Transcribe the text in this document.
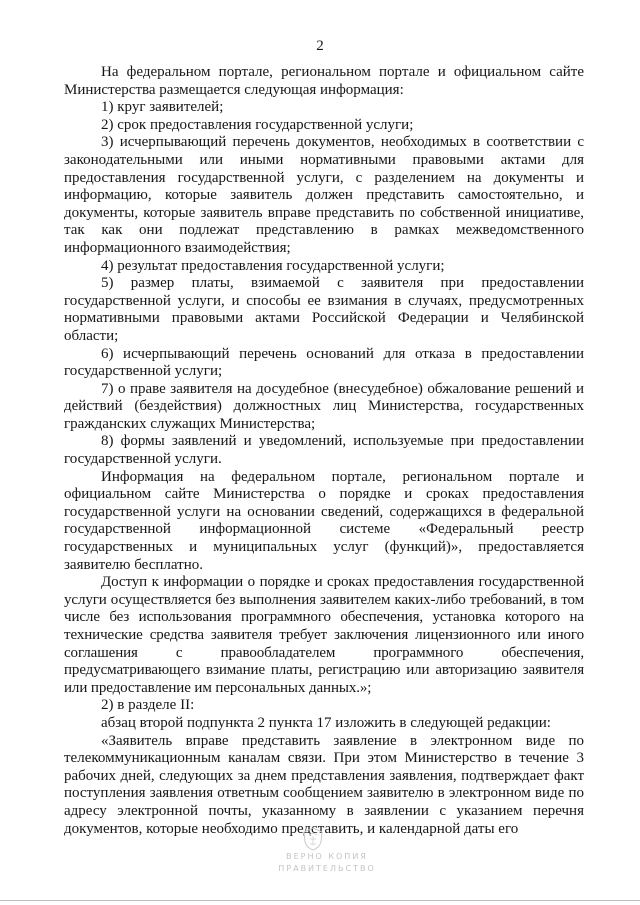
2

На федеральном портале, региональном портале и официальном сайте Министерства размещается следующая информация:

1) круг заявителей;

2) срок предоставления государственной услуги;

3) исчерпывающий перечень документов, необходимых в соответствии с законодательными или иными нормативными правовыми актами для предоставления государственной услуги, с разделением на документы и информацию, которые заявитель должен представить самостоятельно, и документы, которые заявитель вправе представить по собственной инициативе, так как они подлежат представлению в рамках межведомственного информационного взаимодействия;

4) результат предоставления государственной услуги;

5) размер платы, взимаемой с заявителя при предоставлении государственной услуги, и способы ее взимания в случаях, предусмотренных нормативными правовыми актами Российской Федерации и Челябинской области;

6) исчерпывающий перечень оснований для отказа в предоставлении государственной услуги;

7) о праве заявителя на досудебное (внесудебное) обжалование решений и действий (бездействия) должностных лиц Министерства, государственных гражданских служащих Министерства;

8) формы заявлений и уведомлений, используемые при предоставлении государственной услуги.

Информация на федеральном портале, региональном портале и официальном сайте Министерства о порядке и сроках предоставления государственной услуги на основании сведений, содержащихся в федеральной государственной информационной системе «Федеральный реестр государственных и муниципальных услуг (функций)», предоставляется заявителю бесплатно.

Доступ к информации о порядке и сроках предоставления государственной услуги осуществляется без выполнения заявителем каких-либо требований, в том числе без использования программного обеспечения, установка которого на технические средства заявителя требует заключения лицензионного или иного соглашения с правообладателем программного обеспечения, предусматривающего взимание платы, регистрацию или авторизацию заявителя или предоставление им персональных данных.»;

2) в разделе II:

абзац второй подпункта 2 пункта 17 изложить в следующей редакции:

«Заявитель вправе представить заявление в электронном виде по телекоммуникационным каналам связи. При этом Министерство в течение 3 рабочих дней, следующих за днем представления заявления, подтверждает факт поступления заявления ответным сообщением заявителю в электронном виде по адресу электронной почты, указанному в заявлении с указанием перечня документов, которые необходимо представить, и календарной даты его

ВЕРНО КОПИЯ
ПРАВИТЕЛЬСТВО
